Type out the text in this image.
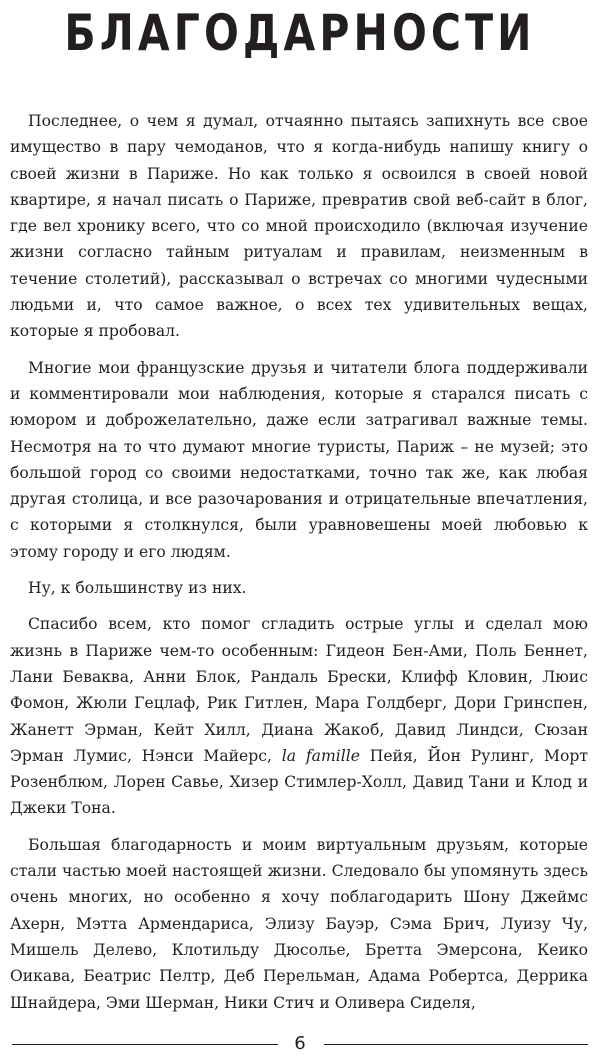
БЛАГОДАРНОСТИ

Последнее, о чем я думал, отчаянно пытаясь запихнуть все свое имущество в пару чемоданов, что я когда-нибудь напишу книгу о своей жизни в Париже. Но как только я освоился в своей новой квартире, я начал писать о Париже, превратив свой веб-сайт в блог, где вел хронику всего, что со мной происходило (включая изучение жизни согласно тайным ритуалам и правилам, неизменным в течение столетий), рассказывал о встречах со многими чудесными людьми и, что самое важное, о всех тех удивительных вещах, которые я пробовал.

Многие мои французские друзья и читатели блога поддерживали и комментировали мои наблюдения, которые я старался писать с юмором и доброжелательно, даже если затрагивал важные темы. Несмотря на то что думают многие туристы, Париж – не музей; это большой город со своими недостатками, точно так же, как любая другая столица, и все разочарования и отрицательные впечатления, с которыми я столкнулся, были уравновешены моей любовью к этому городу и его людям.

Ну, к большинству из них.

Спасибо всем, кто помог сгладить острые углы и сделал мою жизнь в Париже чем-то особенным: Гидеон Бен-Ами, Поль Беннет, Лани Беваква, Анни Блок, Рандаль Брески, Клифф Кловин, Люис Фомон, Жюли Гецлаф, Рик Гитлен, Мара Голдберг, Дори Гринспен, Жанетт Эрман, Кейт Хилл, Диана Жакоб, Давид Линдси, Сюзан Эрман Лумис, Нэнси Майерс, la famille Пейя, Йон Рулинг, Морт Розенблюм, Лорен Савье, Хизер Стимлер-Холл, Давид Тани и Клод и Джеки Тона.

Большая благодарность и моим виртуальным друзьям, которые стали частью моей настоящей жизни. Следовало бы упомянуть здесь очень многих, но особенно я хочу поблагодарить Шону Джеймс Ахерн, Мэтта Армендариса, Элизу Бауэр, Сэма Брич, Луизу Чу, Мишель Делево, Клотильду Дюсолье, Бретта Эмерсона, Кеико Оикава, Беатрис Пелтр, Деб Перельман, Адама Робертса, Деррика Шнайдера, Эми Шерман, Ники Стич и Оливера Сиделя,

6
